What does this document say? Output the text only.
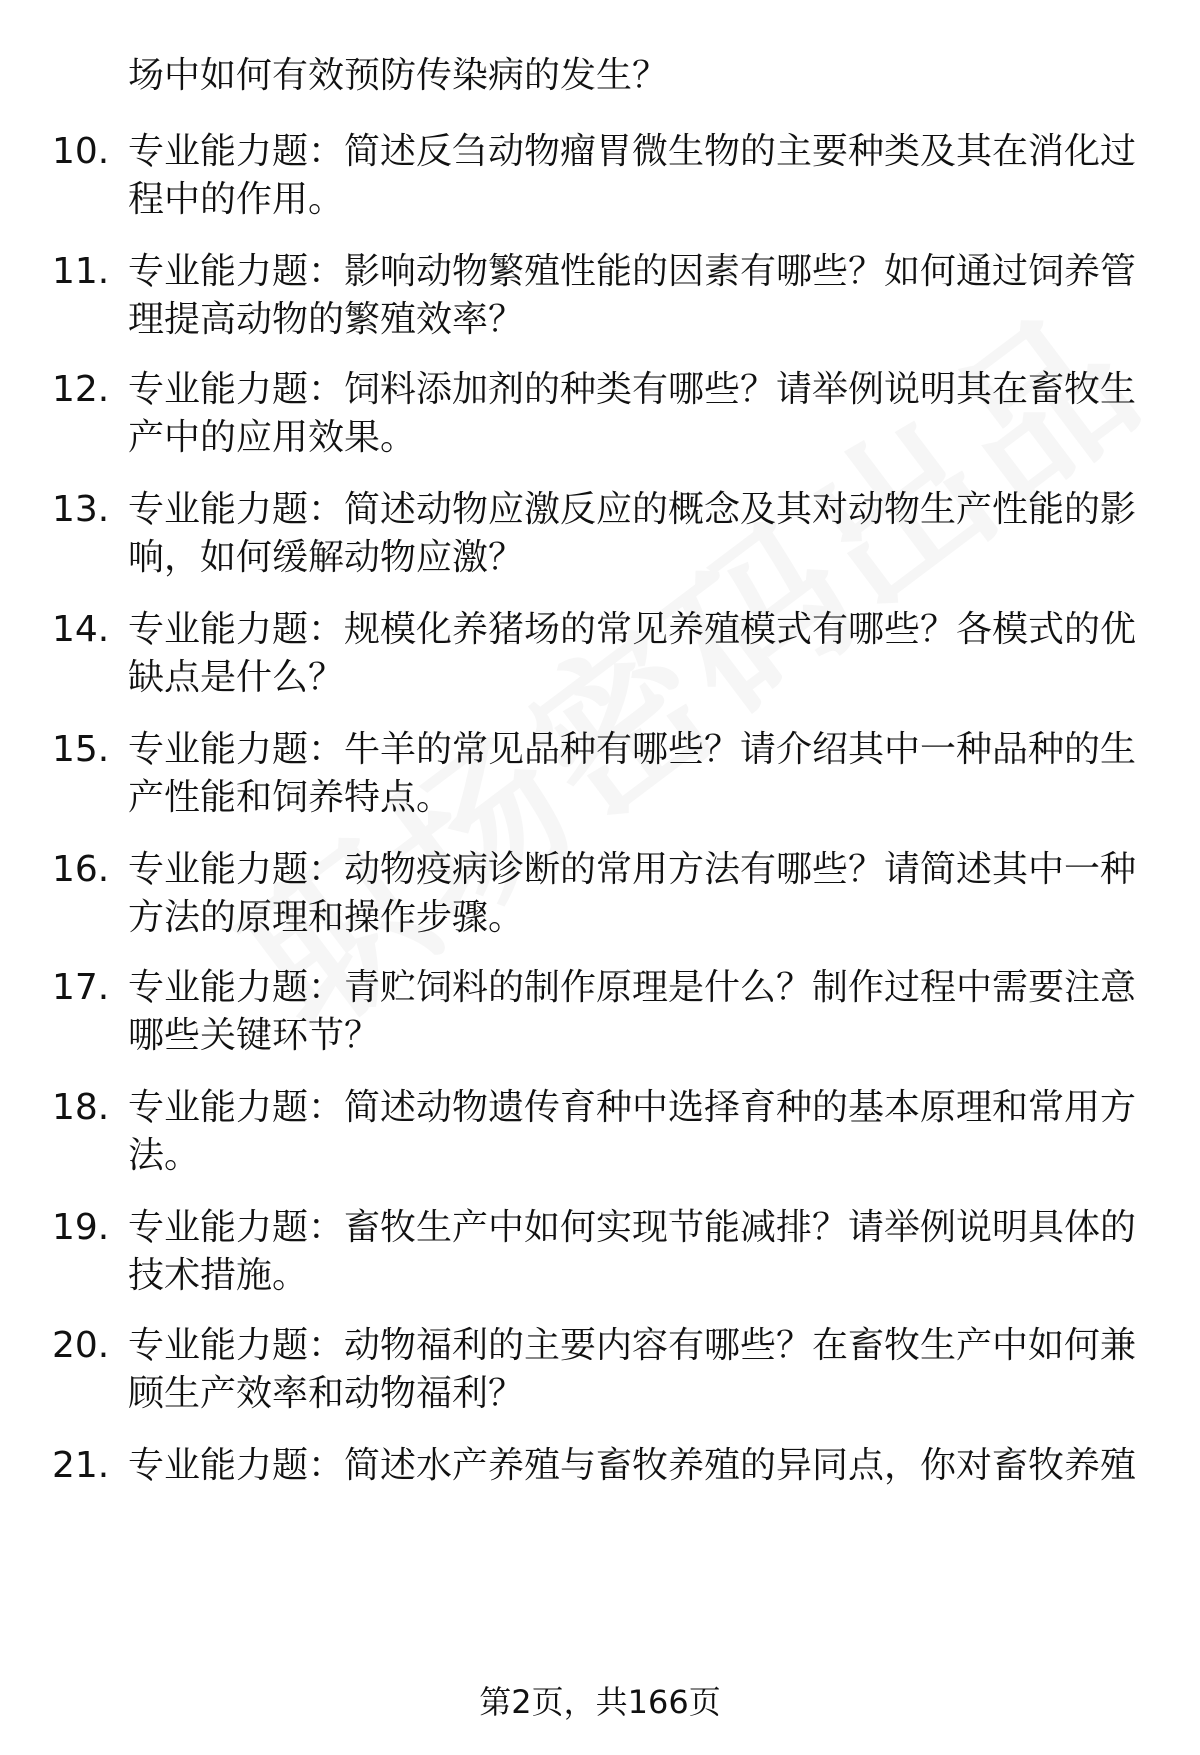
场中如何有效预防传染病的发生？
10. 专业能力题：简述反刍动物瘤胃微生物的主要种类及其在消化过
程中的作用。
11. 专业能力题：影响动物繁殖性能的因素有哪些？如何通过饲养管
理提高动物的繁殖效率？
12. 专业能力题：饲料添加剂的种类有哪些？请举例说明其在畜牧生
产中的应用效果。
13. 专业能力题：简述动物应激反应的概念及其对动物生产性能的影
响，如何缓解动物应激？
14. 专业能力题：规模化养猪场的常见养殖模式有哪些？各模式的优
缺点是什么？
15. 专业能力题：牛羊的常见品种有哪些？请介绍其中一种品种的生
产性能和饲养特点。
16. 专业能力题：动物疫病诊断的常用方法有哪些？请简述其中一种
方法的原理和操作步骤。
17. 专业能力题：青贮饲料的制作原理是什么？制作过程中需要注意
哪些关键环节？
18. 专业能力题：简述动物遗传育种中选择育种的基本原理和常用方
法。
19. 专业能力题：畜牧生产中如何实现节能减排？请举例说明具体的
技术措施。
20. 专业能力题：动物福利的主要内容有哪些？在畜牧生产中如何兼
顾生产效率和动物福利？
21. 专业能力题：简述水产养殖与畜牧养殖的异同点，你对畜牧养殖
第2页，共166页
